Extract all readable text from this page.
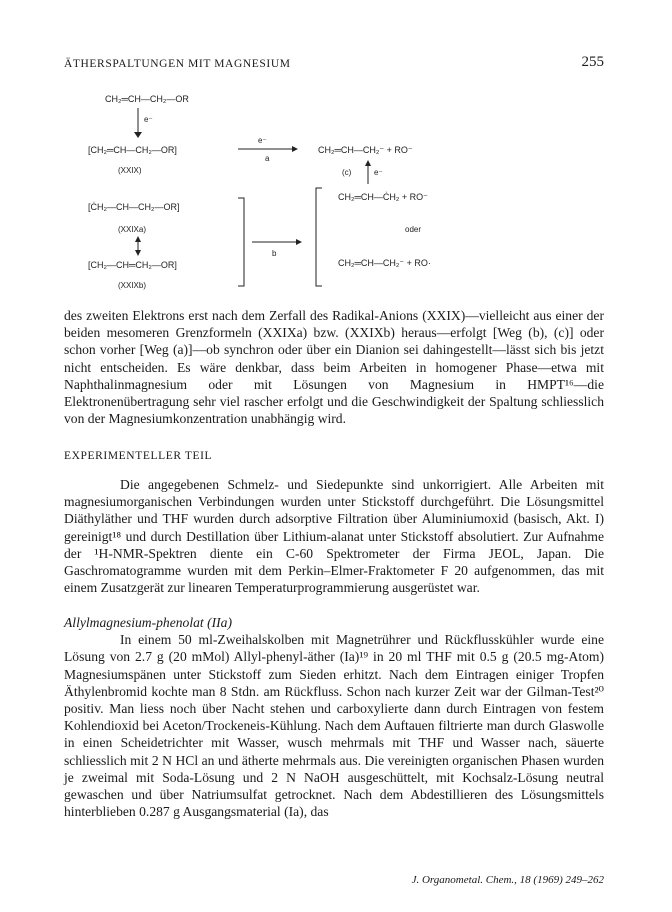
ÄTHERSPALTUNGEN MIT MAGNESIUM	255
CH₂═CH—CH₂—OR
e⁻
[CH₂═CH—CH₂—OR]
(XXIX)
e⁻
a
CH₂═CH—CH₂⁻ + RO⁻
(c)	e⁻
[ĊH₂—CH—CH₂—OR]
(XXIXa)
[CH₂—CH═CH₂—OR]
(XXIXb)
b
CH₂═CH—ĊH₂ + RO⁻
oder
CH₂═CH—CH₂⁻ + RO·

des zweiten Elektrons erst nach dem Zerfall des Radikal-Anions (XXIX)—vielleicht aus einer der beiden mesomeren Grenzformeln (XXIXa) bzw. (XXIXb) heraus—erfolgt [Weg (b), (c)] oder schon vorher [Weg (a)]—ob synchron oder über ein Dianion sei dahingestellt—lässt sich bis jetzt nicht entscheiden. Es wäre denkbar, dass beim Arbeiten in homogener Phase—etwa mit Naphthalinmagnesium oder mit Lösungen von Magnesium in HMPT¹⁶—die Elektronenübertragung sehr viel rascher erfolgt und die Geschwindigkeit der Spaltung schliesslich von der Magnesiumkonzentration unabhängig wird.

EXPERIMENTELLER TEIL

Die angegebenen Schmelz- und Siedepunkte sind unkorrigiert. Alle Arbeiten mit magnesiumorganischen Verbindungen wurden unter Stickstoff durchgeführt. Die Lösungsmittel Diäthyläther und THF wurden durch adsorptive Filtration über Aluminiumoxid (basisch, Akt. I) gereinigt¹⁸ und durch Destillation über Lithium-alanat unter Stickstoff absolutiert. Zur Aufnahme der ¹H-NMR-Spektren diente ein C-60 Spektrometer der Firma JEOL, Japan. Die Gaschromatogramme wurden mit dem Perkin–Elmer-Fraktometer F 20 aufgenommen, das mit einem Zusatzgerät zur linearen Temperaturprogrammierung ausgerüstet war.

Allylmagnesium-phenolat (IIa)

In einem 50 ml-Zweihalskolben mit Magnetrührer und Rückflusskühler wurde eine Lösung von 2.7 g (20 mMol) Allyl-phenyl-äther (Ia)¹⁹ in 20 ml THF mit 0.5 g (20.5 mg-Atom) Magnesiumspänen unter Stickstoff zum Sieden erhitzt. Nach dem Eintragen einiger Tropfen Äthylenbromid kochte man 8 Stdn. am Rückfluss. Schon nach kurzer Zeit war der Gilman-Test²⁰ positiv. Man liess noch über Nacht stehen und carboxylierte dann durch Eintragen von festem Kohlendioxid bei Aceton/Trockeneis-Kühlung. Nach dem Auftauen filtrierte man durch Glaswolle in einen Scheidetrichter mit Wasser, wusch mehrmals mit THF und Wasser nach, säuerte schliesslich mit 2 N HCl an und ätherte mehrmals aus. Die vereinigten organischen Phasen wurden je zweimal mit Soda-Lösung und 2 N NaOH ausgeschüttelt, mit Kochsalz-Lösung neutral gewaschen und über Natriumsulfat getrocknet. Nach dem Abdestillieren des Lösungsmittels hinterblieben 0.287 g Ausgangsmaterial (Ia), das

J. Organometal. Chem., 18 (1969) 249–262
